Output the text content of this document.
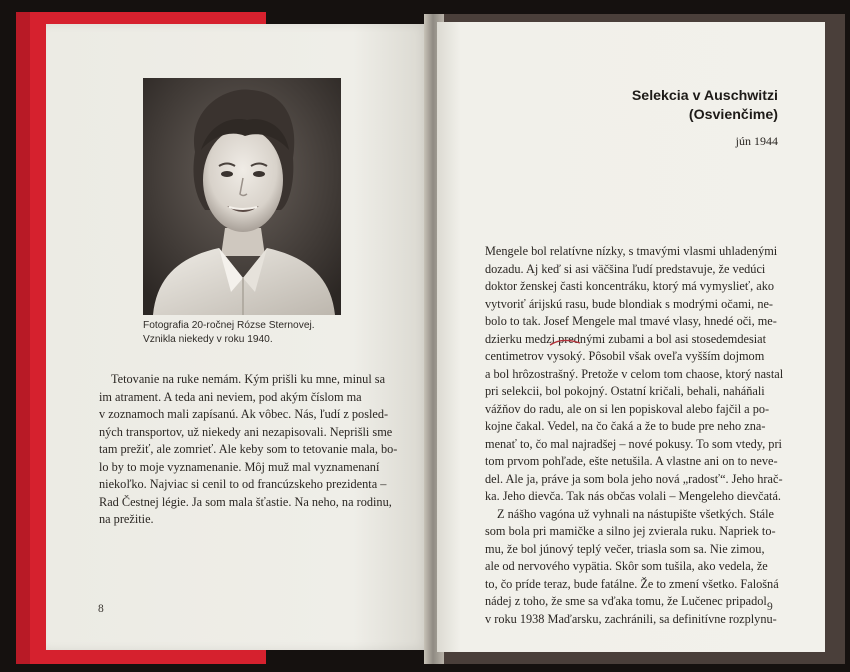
Fotografia 20-ročnej Rózse Sternovej.
Vznikla niekedy v roku 1940.
Tetovanie na ruke nemám. Kým prišli ku mne, minul sa
im atrament. A teda ani neviem, pod akým číslom ma
v zoznamoch mali zapísanú. Ak vôbec. Nás, ľudí z posled-
ných transportov, už niekedy ani nezapisovali. Neprišli sme
tam prežiť, ale zomrieť. Ale keby som to tetovanie mala, bo-
lo by to moje vyznamenanie. Môj muž mal vyznamenaní
niekoľko. Najviac si cenil to od francúzskeho prezidenta –
Rad Čestnej légie. Ja som mala šťastie. Na neho, na rodinu,
na prežitie.
8
Selekcia v Auschwitzi
(Osvienčime)
jún 1944
Mengele bol relatívne nízky, s tmavými vlasmi uhladenými
dozadu. Aj keď si asi väčšina ľudí predstavuje, že vedúci
doktor ženskej časti koncentráku, ktorý má vymyslieť, ako
vytvoriť árijskú rasu, bude blondiak s modrými očami, ne-
bolo to tak. Josef Mengele mal tmavé vlasy, hnedé oči, me-
dzierku medzi prednými zubami a bol asi stosedemdesiat
centimetrov vysoký. Pôsobil však oveľa vyšším dojmom
a bol hrôzostrašný. Pretože v celom tom chaose, ktorý nastal
pri selekcii, bol pokojný. Ostatní kričali, behali, naháňali
vážňov do radu, ale on si len popiskoval alebo fajčil a po-
kojne čakal. Vedel, na čo čaká a že to bude pre neho zna-
menať to, čo mal najradšej – nové pokusy. To som vtedy, pri
tom prvom pohľade, ešte netušila. A vlastne ani on to neve-
del. Ale ja, práve ja som bola jeho nová „radosť“. Jeho hrač-
ka. Jeho dievča. Tak nás občas volali – Mengeleho dievčatá.
Z nášho vagóna už vyhnali na nástupište všetkých. Stále
som bola pri mamičke a silno jej zvierala ruku. Napriek to-
mu, že bol júnový teplý večer, triasla som sa. Nie zimou,
ale od nervového vypätia. Skôr som tušila, ako vedela, že
to, čo príde teraz, bude fatálne. Že to zmení všetko. Falošná
nádej z toho, že sme sa vďaka tomu, že Lučenec pripadol
v roku 1938 Maďarsku, zachránili, sa definitívne rozplynu-
9
